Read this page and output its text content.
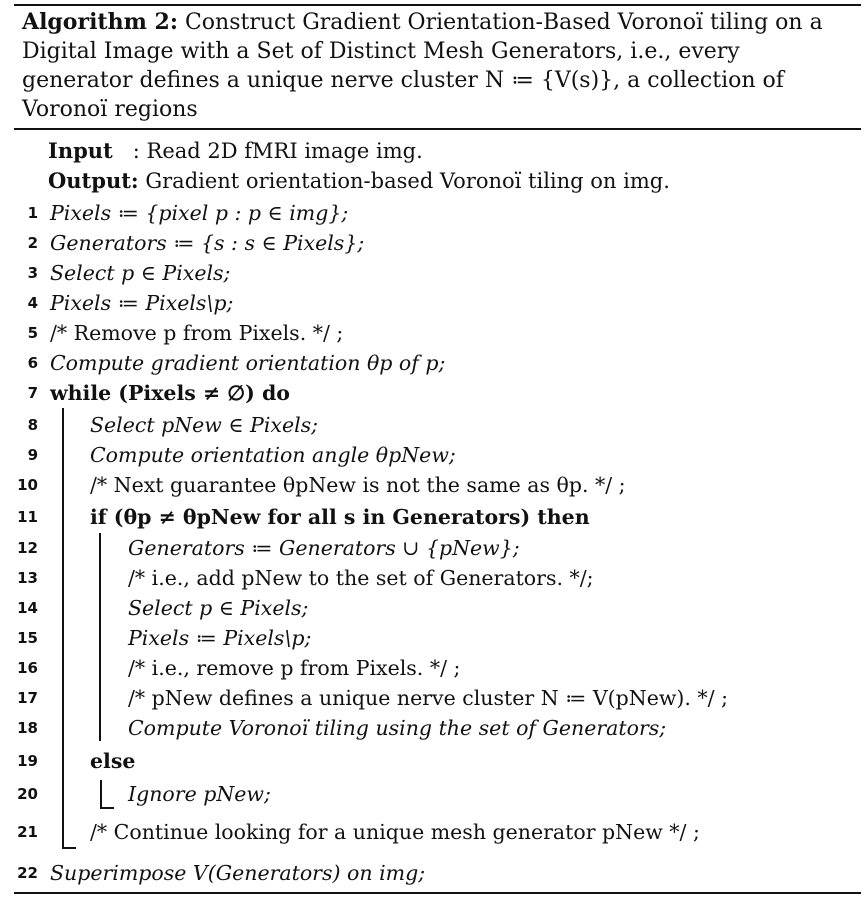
Algorithm 2: Construct Gradient Orientation-Based Voronoï tiling on a Digital Image with a Set of Distinct Mesh Generators, i.e., every generator defines a unique nerve cluster N ≔ {V(s)}, a collection of Voronoï regions
Input : Read 2D fMRI image img.
Output: Gradient orientation-based Voronoï tiling on img.
1 Pixels ≔ {pixel p : p ∈ img};
2 Generators ≔ {s : s ∈ Pixels};
3 Select p ∈ Pixels;
4 Pixels ≔ Pixels\p;
5 /* Remove p from Pixels. */ ;
6 Compute gradient orientation θp of p;
7 while (Pixels ≠ ∅) do
8	Select pNew ∈ Pixels;
9	Compute orientation angle θpNew;
10	/* Next guarantee θpNew is not the same as θp. */ ;
11	if (θp ≠ θpNew for all s in Generators) then
12	Generators ≔ Generators ∪ {pNew};
13	/* i.e., add pNew to the set of Generators. */;
14	Select p ∈ Pixels;
15	Pixels ≔ Pixels\p;
16	/* i.e., remove p from Pixels. */ ;
17	/* pNew defines a unique nerve cluster N ≔ V(pNew). */ ;
18	Compute Voronoï tiling using the set of Generators;
19	else
20	Ignore pNew;
21	/* Continue looking for a unique mesh generator pNew */ ;
22 Superimpose V(Generators) on img;
